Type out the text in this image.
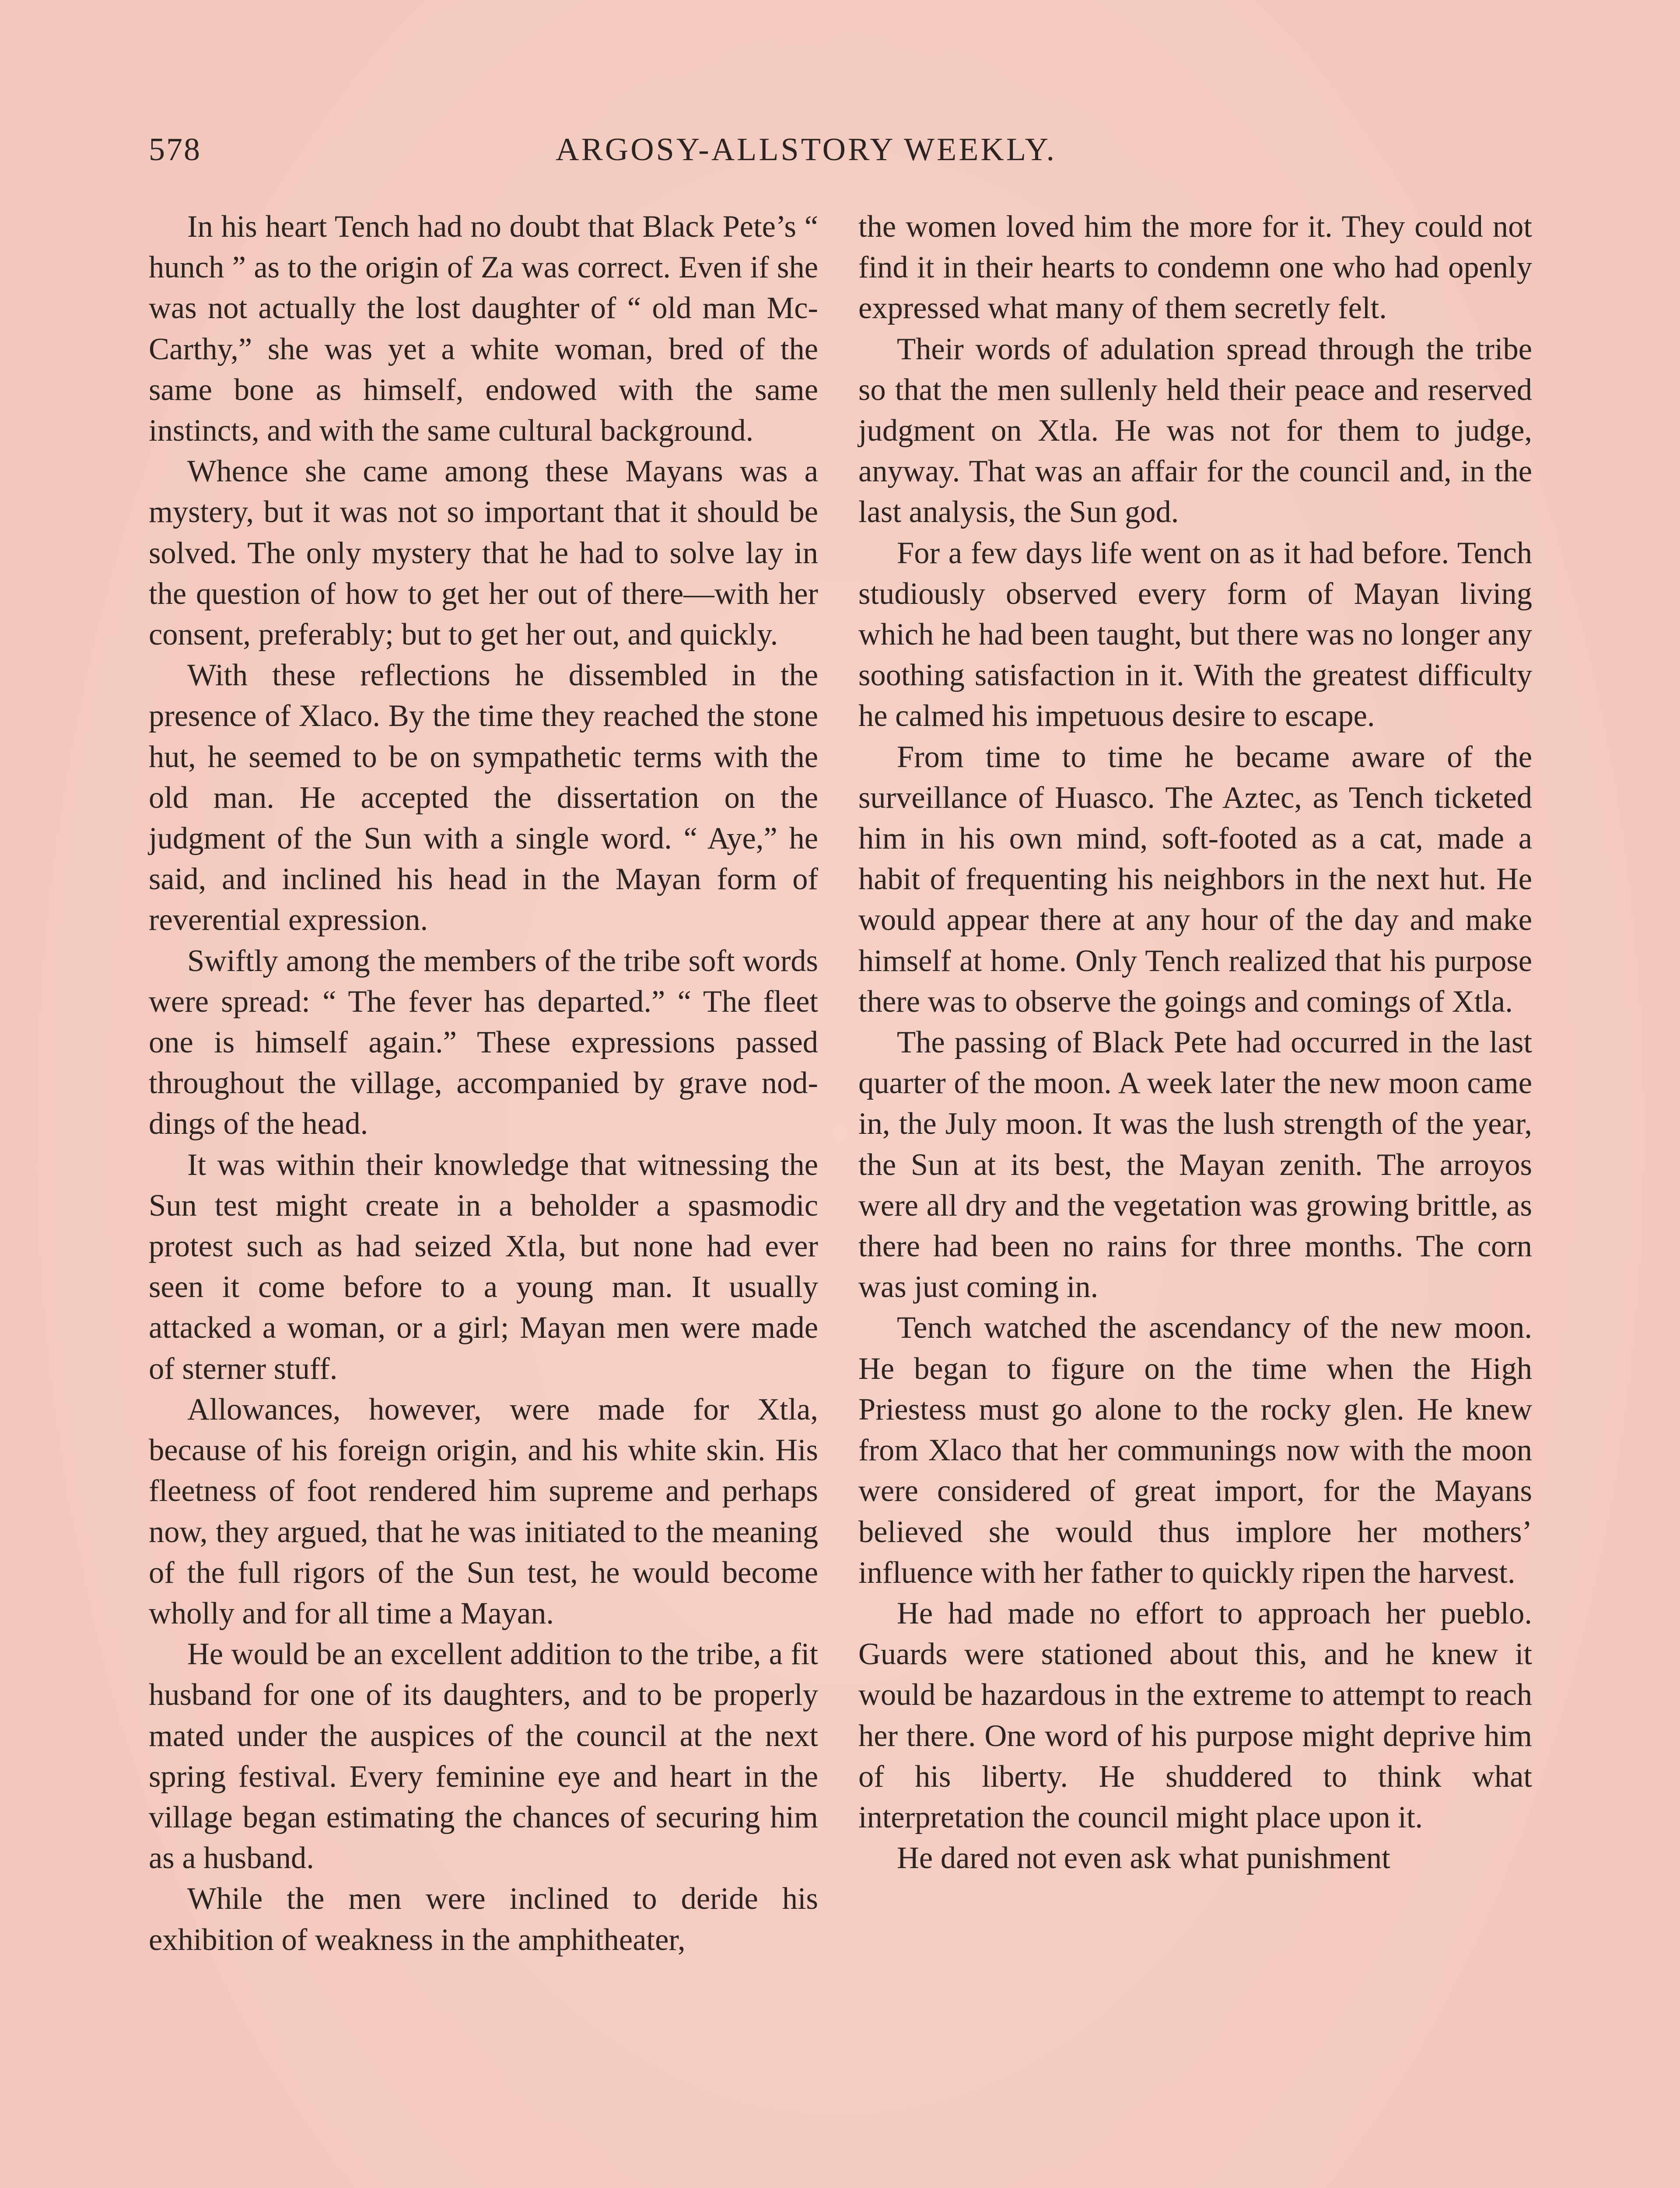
578	ARGOSY-ALLSTORY WEEKLY.

In his heart Tench had no doubt that Black Pete’s “ hunch ” as to the origin of Za was correct. Even if she was not actually the lost daughter of “ old man McCarthy,” she was yet a white woman, bred of the same bone as himself, endowed with the same instincts, and with the same cultural background.

Whence she came among these Mayans was a mystery, but it was not so important that it should be solved. The only mystery that he had to solve lay in the question of how to get her out of there—with her consent, preferably; but to get her out, and quickly.

With these reflections he dissembled in the presence of Xlaco. By the time they reached the stone hut, he seemed to be on sympathetic terms with the old man. He accepted the dissertation on the judgment of the Sun with a single word. “ Aye,” he said, and inclined his head in the Mayan form of reverential expression.

Swiftly among the members of the tribe soft words were spread: “ The fever has departed.” “ The fleet one is himself again.” These expressions passed throughout the village, accompanied by grave noddings of the head.

It was within their knowledge that witnessing the Sun test might create in a beholder a spasmodic protest such as had seized Xtla, but none had ever seen it come before to a young man. It usually attacked a woman, or a girl; Mayan men were made of sterner stuff.

Allowances, however, were made for Xtla, because of his foreign origin, and his white skin. His fleetness of foot rendered him supreme and perhaps now, they argued, that he was initiated to the meaning of the full rigors of the Sun test, he would become wholly and for all time a Mayan.

He would be an excellent addition to the tribe, a fit husband for one of its daughters, and to be properly mated under the auspices of the council at the next spring festival. Every feminine eye and heart in the village began estimating the chances of securing him as a husband.

While the men were inclined to deride his exhibition of weakness in the amphitheater,

the women loved him the more for it. They could not find it in their hearts to condemn one who had openly expressed what many of them secretly felt.

Their words of adulation spread through the tribe so that the men sullenly held their peace and reserved judgment on Xtla. He was not for them to judge, anyway. That was an affair for the council and, in the last analysis, the Sun god.

For a few days life went on as it had before. Tench studiously observed every form of Mayan living which he had been taught, but there was no longer any soothing satisfaction in it. With the greatest difficulty he calmed his impetuous desire to escape.

From time to time he became aware of the surveillance of Huasco. The Aztec, as Tench ticketed him in his own mind, soft-footed as a cat, made a habit of frequenting his neighbors in the next hut. He would appear there at any hour of the day and make himself at home. Only Tench realized that his purpose there was to observe the goings and comings of Xtla.

The passing of Black Pete had occurred in the last quarter of the moon. A week later the new moon came in, the July moon. It was the lush strength of the year, the Sun at its best, the Mayan zenith. The arroyos were all dry and the vegetation was growing brittle, as there had been no rains for three months. The corn was just coming in.

Tench watched the ascendancy of the new moon. He began to figure on the time when the High Priestess must go alone to the rocky glen. He knew from Xlaco that her communings now with the moon were considered of great import, for the Mayans believed she would thus implore her mothers’ influence with her father to quickly ripen the harvest.

He had made no effort to approach her pueblo. Guards were stationed about this, and he knew it would be hazardous in the extreme to attempt to reach her there. One word of his purpose might deprive him of his liberty. He shuddered to think what interpretation the council might place upon it.

He dared not even ask what punishment
